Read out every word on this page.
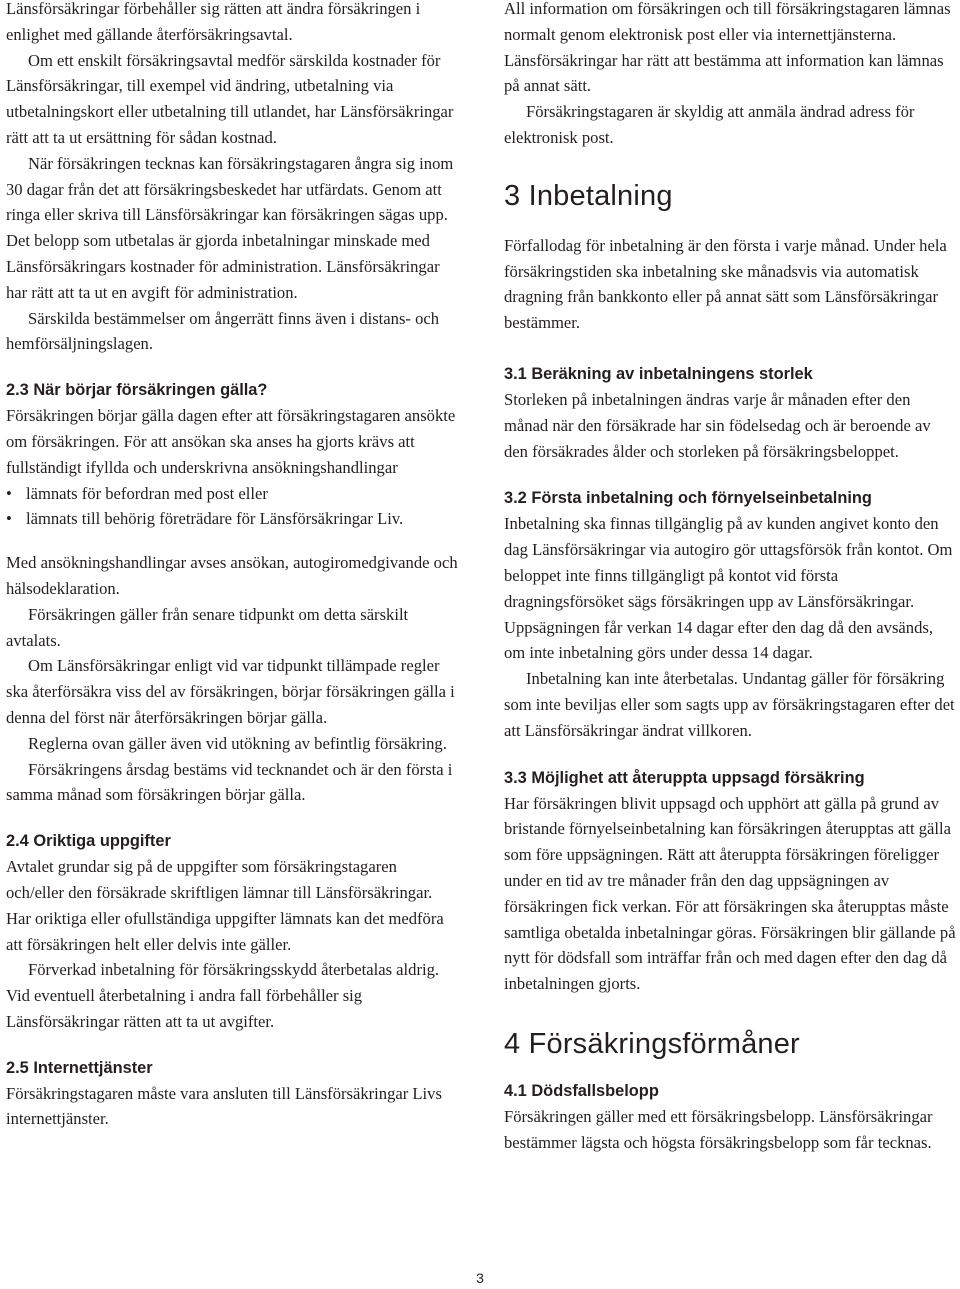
Länsförsäkringar förbehåller sig rätten att ändra försäkringen i enlighet med gällande återförsäkringsavtal.

Om ett enskilt försäkringsavtal medför särskilda kostnader för Länsförsäkringar, till exempel vid ändring, utbetalning via utbetalningskort eller utbetalning till utlandet, har Länsförsäkringar rätt att ta ut ersättning för sådan kostnad.

När försäkringen tecknas kan försäkringstagaren ångra sig inom 30 dagar från det att försäkringsbeskedet har utfärdats. Genom att ringa eller skriva till Länsförsäkringar kan försäkringen sägas upp. Det belopp som utbetalas är gjorda inbetalningar minskade med Länsförsäkringars kostnader för administration. Länsförsäkringar har rätt att ta ut en avgift för administration.

Särskilda bestämmelser om ångerrätt finns även i distans- och hemförsäljningslagen.

2.3 När börjar försäkringen gälla?

Försäkringen börjar gälla dagen efter att försäkringstagaren ansökte om försäkringen. För att ansökan ska anses ha gjorts krävs att fullständigt ifyllda och underskrivna ansökningshandlingar

• lämnats för befordran med post eller
• lämnats till behörig företrädare för Länsförsäkringar Liv.

Med ansökningshandlingar avses ansökan, autogiromedgivande och hälsodeklaration.

Försäkringen gäller från senare tidpunkt om detta särskilt avtalats.

Om Länsförsäkringar enligt vid var tidpunkt tillämpade regler ska återförsäkra viss del av försäkringen, börjar försäkringen gälla i denna del först när återförsäkringen börjar gälla.

Reglerna ovan gäller även vid utökning av befintlig försäkring.

Försäkringens årsdag bestäms vid tecknandet och är den första i samma månad som försäkringen börjar gälla.

2.4 Oriktiga uppgifter

Avtalet grundar sig på de uppgifter som försäkringstagaren och/eller den försäkrade skriftligen lämnar till Länsförsäkringar. Har oriktiga eller ofullständiga uppgifter lämnats kan det medföra att försäkringen helt eller delvis inte gäller.

Förverkad inbetalning för försäkringsskydd återbetalas aldrig. Vid eventuell återbetalning i andra fall förbehåller sig Länsförsäkringar rätten att ta ut avgifter.

2.5 Internettjänster

Försäkringstagaren måste vara ansluten till Länsförsäkringar Livs internettjänster.

All information om försäkringen och till försäkringstagaren lämnas normalt genom elektronisk post eller via internettjänsterna. Länsförsäkringar har rätt att bestämma att information kan lämnas på annat sätt.

Försäkringstagaren är skyldig att anmäla ändrad adress för elektronisk post.

3 Inbetalning

Förfallodag för inbetalning är den första i varje månad. Under hela försäkringstiden ska inbetalning ske månadsvis via automatisk dragning från bankkonto eller på annat sätt som Länsförsäkringar bestämmer.

3.1 Beräkning av inbetalningens storlek

Storleken på inbetalningen ändras varje år månaden efter den månad när den försäkrade har sin födelsedag och är beroende av den försäkrades ålder och storleken på försäkringsbeloppet.

3.2 Första inbetalning och förnyelseinbetalning

Inbetalning ska finnas tillgänglig på av kunden angivet konto den dag Länsförsäkringar via autogiro gör uttagsförsök från kontot. Om beloppet inte finns tillgängligt på kontot vid första dragningsförsöket sägs försäkringen upp av Länsförsäkringar. Uppsägningen får verkan 14 dagar efter den dag då den avsänds, om inte inbetalning görs under dessa 14 dagar.

Inbetalning kan inte återbetalas. Undantag gäller för försäkring som inte beviljas eller som sagts upp av försäkringstagaren efter det att Länsförsäkringar ändrat villkoren.

3.3 Möjlighet att återuppta uppsagd försäkring

Har försäkringen blivit uppsagd och upphört att gälla på grund av bristande förnyelseinbetalning kan försäkringen återupptas att gälla som före uppsägningen. Rätt att återuppta försäkringen föreligger under en tid av tre månader från den dag uppsägningen av försäkringen fick verkan. För att försäkringen ska återupptas måste samtliga obetalda inbetalningar göras. Försäkringen blir gällande på nytt för dödsfall som inträffar från och med dagen efter den dag då inbetalningen gjorts.

4 Försäkringsförmåner
4.1 Dödsfallsbelopp

Försäkringen gäller med ett försäkringsbelopp. Länsförsäkringar bestämmer lägsta och högsta försäkringsbelopp som får tecknas.

3
